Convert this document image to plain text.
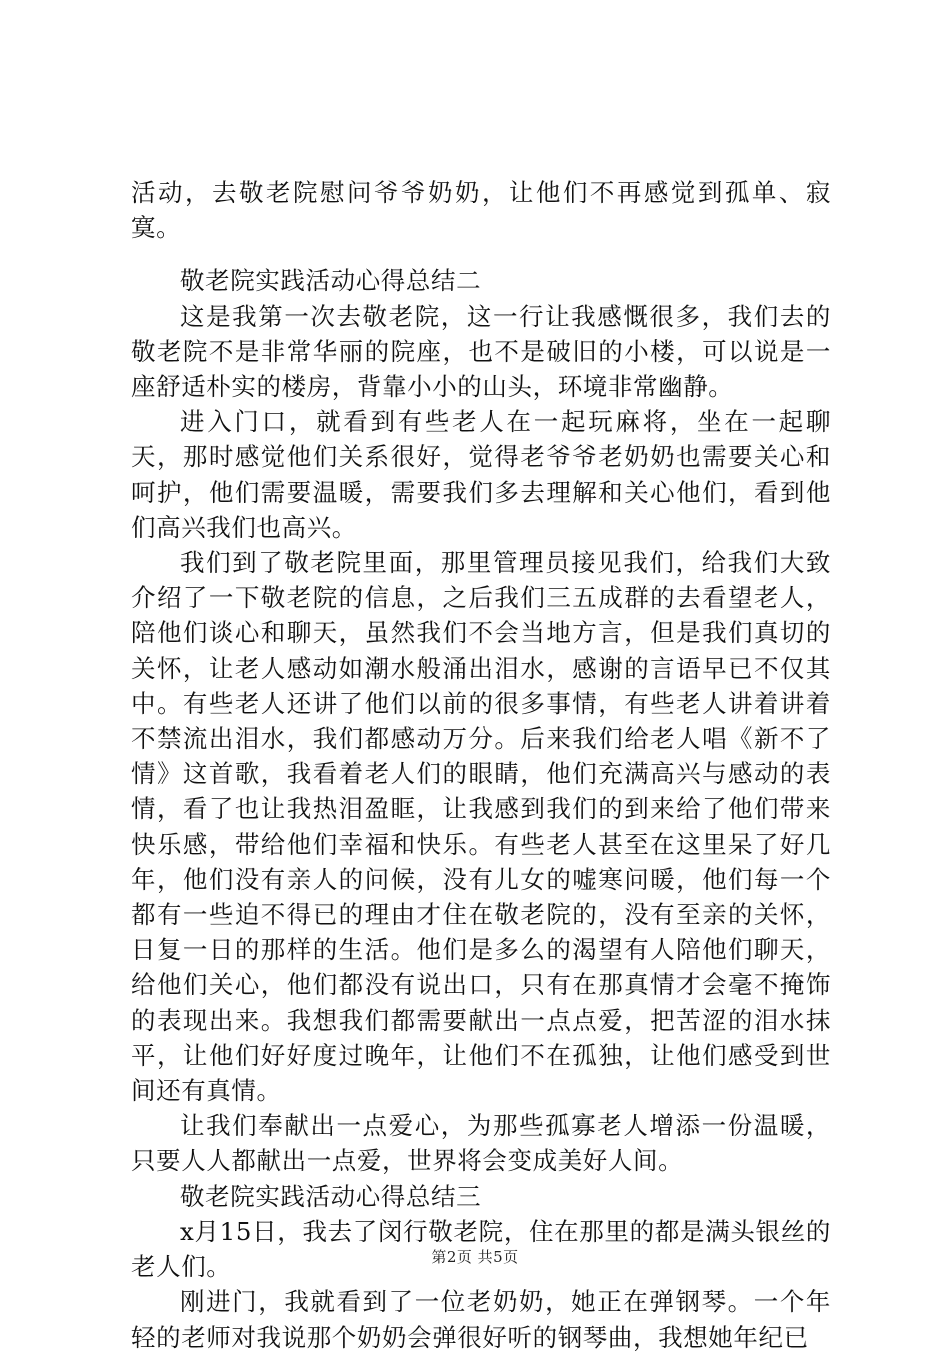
活动，去敬老院慰问爷爷奶奶，让他们不再感觉到孤单、寂寞。

敬老院实践活动心得总结二

这是我第一次去敬老院，这一行让我感慨很多，我们去的敬老院不是非常华丽的院座，也不是破旧的小楼，可以说是一座舒适朴实的楼房，背靠小小的山头，环境非常幽静。

进入门口，就看到有些老人在一起玩麻将，坐在一起聊天，那时感觉他们关系很好，觉得老爷爷老奶奶也需要关心和呵护，他们需要温暖，需要我们多去理解和关心他们，看到他们高兴我们也高兴。

我们到了敬老院里面，那里管理员接见我们，给我们大致介绍了一下敬老院的信息，之后我们三五成群的去看望老人，陪他们谈心和聊天，虽然我们不会当地方言，但是我们真切的关怀，让老人感动如潮水般涌出泪水，感谢的言语早已不仅其中。有些老人还讲了他们以前的很多事情，有些老人讲着讲着不禁流出泪水，我们都感动万分。后来我们给老人唱《新不了情》这首歌，我看着老人们的眼睛，他们充满高兴与感动的表情，看了也让我热泪盈眶，让我感到我们的到来给了他们带来快乐感，带给他们幸福和快乐。有些老人甚至在这里呆了好几年，他们没有亲人的问候，没有儿女的嘘寒问暖，他们每一个都有一些迫不得已的理由才住在敬老院的，没有至亲的关怀，日复一日的那样的生活。他们是多么的渴望有人陪他们聊天，给他们关心，他们都没有说出口，只有在那真情才会毫不掩饰的表现出来。我想我们都需要献出一点点爱，把苦涩的泪水抹平，让他们好好度过晚年，让他们不在孤独，让他们感受到世间还有真情。

让我们奉献出一点爱心，为那些孤寡老人增添一份温暖，只要人人都献出一点爱，世界将会变成美好人间。

敬老院实践活动心得总结三

x月15日，我去了闵行敬老院，住在那里的都是满头银丝的老人们。

刚进门，我就看到了一位老奶奶，她正在弹钢琴。一个年轻的老师对我说那个奶奶会弹很好听的钢琴曲，我想她年纪已

第2页 共5页
